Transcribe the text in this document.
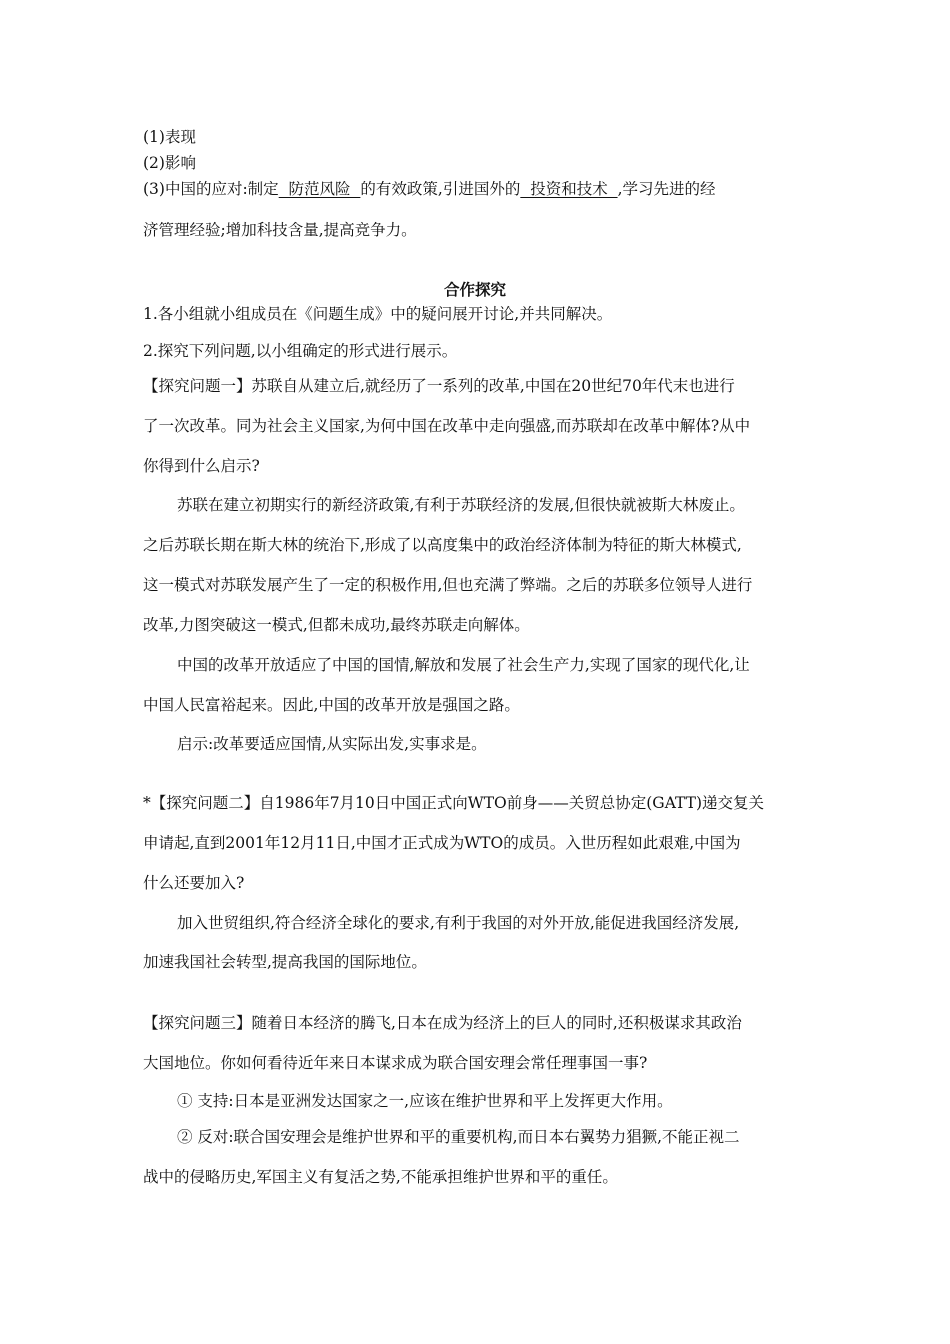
(1)表现
(2)影响
(3)中国的应对:制定  防范风险  的有效政策,引进国外的  投资和技术  ,学习先进的经
济管理经验;增加科技含量,提高竞争力。
合作探究
1.各小组就小组成员在《问题生成》中的疑问展开讨论,并共同解决。
2.探究下列问题,以小组确定的形式进行展示。
【探究问题一】苏联自从建立后,就经历了一系列的改革,中国在20世纪70年代末也进行
了一次改革。同为社会主义国家,为何中国在改革中走向强盛,而苏联却在改革中解体?从中
你得到什么启示?
苏联在建立初期实行的新经济政策,有利于苏联经济的发展,但很快就被斯大林废止。
之后苏联长期在斯大林的统治下,形成了以高度集中的政治经济体制为特征的斯大林模式,
这一模式对苏联发展产生了一定的积极作用,但也充满了弊端。之后的苏联多位领导人进行
改革,力图突破这一模式,但都未成功,最终苏联走向解体。
中国的改革开放适应了中国的国情,解放和发展了社会生产力,实现了国家的现代化,让
中国人民富裕起来。因此,中国的改革开放是强国之路。
启示:改革要适应国情,从实际出发,实事求是。
*【探究问题二】自1986年7月10日中国正式向WTO前身——关贸总协定(GATT)递交复关
申请起,直到2001年12月11日,中国才正式成为WTO的成员。入世历程如此艰难,中国为
什么还要加入?
加入世贸组织,符合经济全球化的要求,有利于我国的对外开放,能促进我国经济发展,
加速我国社会转型,提高我国的国际地位。
【探究问题三】随着日本经济的腾飞,日本在成为经济上的巨人的同时,还积极谋求其政治
大国地位。你如何看待近年来日本谋求成为联合国安理会常任理事国一事?
① 支持:日本是亚洲发达国家之一,应该在维护世界和平上发挥更大作用。
② 反对:联合国安理会是维护世界和平的重要机构,而日本右翼势力猖獗,不能正视二
战中的侵略历史,军国主义有复活之势,不能承担维护世界和平的重任。
